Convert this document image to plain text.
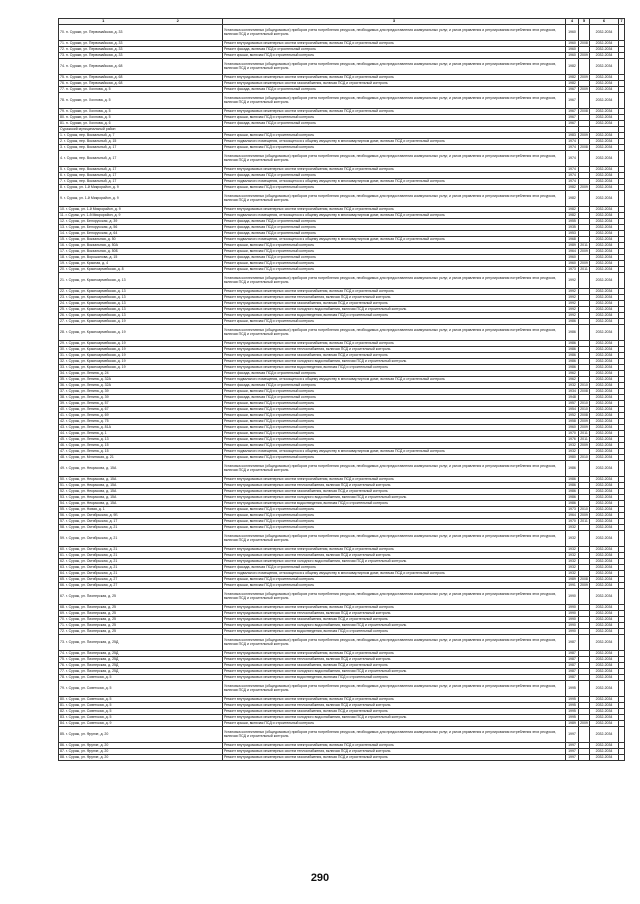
1 2	3	4	5	6	7
70. п. Сураки, ул. Первомайская, д. 33	Установка коллективных (общедомовых) приборов учета потребления ресурсов, необходимых для предоставления коммунальных услуг, и узлов управления и регулирования потребления этих ресурсов, включая ПСД и строительный контроль	1960		2032-2034	
71. п. Сураки, ул. Первомайская, д. 33	Ремонт внутридомовых инженерных систем электроснабжения, включая ПСД и строительный контроль	1960	2008	2032-2034	
72. п. Сураки, ул. Первомайская, д. 33	Ремонт фасада, включая ПСД и строительный контроль	1960		2032-2034	
73. п. Сураки, ул. Первомайская, д. 33	Ремонт крыши, включая ПСД и строительный контроль	1960	2009	2032-2034	
74. п. Сураки, ул. Первомайская, д. 68	Установка коллективных (общедомовых) приборов учета потребления ресурсов, необходимых для предоставления коммунальных услуг, и узлов управления и регулирования потребления этих ресурсов, включая ПСД и строительный контроль	1982		2032-2034	
75. п. Сураки, ул. Первомайская, д. 68	Ремонт внутридомовых инженерных систем электроснабжения, включая ПСД и строительный контроль	1982	2009	2032-2034	
76. п. Сураки, ул. Первомайская, д. 68	Ремонт внутридомовых инженерных систем газоснабжения, включая ПСД и строительный контроль	1982		2032-2034	
77. п. Сураки, ул. Хохлова, д. 5	Ремонт фасада, включая ПСД и строительный контроль	1967	2009	2032-2034	
78. п. Сураки, ул. Хохлова, д. 5	Установка коллективных (общедомовых) приборов учета потребления ресурсов, необходимых для предоставления коммунальных услуг, и узлов управления и регулирования потребления этих ресурсов, включая ПСД и строительный контроль	1967		2032-2034	
79. п. Сураки, ул. Хохлова, д. 5	Ремонт внутридомовых инженерных систем электроснабжения, включая ПСД и строительный контроль	1967	2008	2032-2034	
80. п. Сураки, ул. Хохлова, д. 5	Ремонт крыши, включая ПСД и строительный контроль	1967		2032-2034	
81. п. Сураки, ул. Хохлова, д. 6	Ремонт фасада, включая ПСД и строительный контроль	1967		2032-2034	
Суражский муниципальный район					
1. г. Сураж, пер. Вокзальный, д. 7	Ремонт крыши, включая ПСД и строительный контроль	1983	2009	2032-2034	
2. г. Сураж, пер. Вокзальный, д. 15	Ремонт подвального помещения, относящегося к общему имуществу в многоквартирном доме, включая ПСД и строительный контроль	1974		2032-2034	
3. г. Сураж, пер. Вокзальный, д. 17	Ремонт крыши, включая ПСД и строительный контроль	1974	2008	2032-2034	
4. г. Сураж, пер. Вокзальный, д. 17	Установка коллективных (общедомовых) приборов учета потребления ресурсов, необходимых для предоставления коммунальных услуг, и узлов управления и регулирования потребления этих ресурсов, включая ПСД и строительный контроль	1974		2032-2034	
5. г. Сураж, пер. Вокзальный, д. 17	Ремонт внутридомовых инженерных систем электроснабжения, включая ПСД и строительный контроль	1974		2032-2034	
6. г. Сураж, пер. Вокзальный, д. 17	Ремонт фасада, включая ПСД и строительный контроль	1974		2032-2034	
7. г. Сураж, пер. Вокзальный, д. 17	Ремонт подвального помещения, относящегося к общему имуществу в многоквартирном доме, включая ПСД и строительный контроль	1974		2032-2034	
8. г. Сураж, ул. 1-й Микрорайон, д. 9	Ремонт крыши, включая ПСД и строительный контроль	1982	2009	2032-2034	
9. г. Сураж, ул. 1-й Микрорайон, д. 9	Установка коллективных (общедомовых) приборов учета потребления ресурсов, необходимых для предоставления коммунальных услуг, и узлов управления и регулирования потребления этих ресурсов, включая ПСД и строительный контроль	1982		2032-2034	
10. г. Сураж, ул. 1-й Микрорайон, д. 9	Ремонт внутридомовых инженерных систем электроснабжения, включая ПСД и строительный контроль	1982		2032-2034	
11. г. Сураж, ул. 1-й Микрорайон, д. 9	Ремонт подвального помещения, относящегося к общему имуществу в многоквартирном доме, включая ПСД и строительный контроль	1982		2032-2034	
12. г. Сураж, ул. Белорусская, д. 39	Ремонт фасада, включая ПСД и строительный контроль	1955		2032-2034	
13. г. Сураж, ул. Белорусская, д. 56	Ремонт фасада, включая ПСД и строительный контроль	1935		2032-2034	
14. г. Сураж, ул. Белорусская, д. 64	Ремонт фасада, включая ПСД и строительный контроль	1953		2032-2034	
15. г. Сураж, ул. Вокзальная, д. 50	Ремонт подвального помещения, относящегося к общему имуществу в многоквартирном доме, включая ПСД и строительный контроль	1968		2032-2034	
16. г. Сураж, ул. Вокзальная, д. 50А	Ремонт крыши, включая ПСД и строительный контроль	1989	2011	2032-2034	
17. г. Сураж, ул. Вокзальная, д. 50Б	Ремонт крыши, включая ПСД и строительный контроль	1964	2009	2032-2034	
18. г. Сураж, ул. Ворошилова, д. 15	Ремонт фасада, включая ПСД и строительный контроль	1960		2032-2034	
19. г. Сураж, ул. Красная, д. 4	Ремонт крыши, включая ПСД и строительный контроль	1960	2009	2032-2034	
20. г. Сураж, ул. Красноармейская, д. 8	Ремонт крыши, включая ПСД и строительный контроль	1973	2011	2032-2034	
21. г. Сураж, ул. Красноармейская, д. 13	Установка коллективных (общедомовых) приборов учета потребления ресурсов, необходимых для предоставления коммунальных услуг, и узлов управления и регулирования потребления этих ресурсов, включая ПСД и строительный контроль	1992		2032-2034	
22. г. Сураж, ул. Красноармейская, д. 13	Ремонт внутридомовых инженерных систем электроснабжения, включая ПСД и строительный контроль	1992		2032-2034	
23. г. Сураж, ул. Красноармейская, д. 13	Ремонт внутридомовых инженерных систем теплоснабжения, включая ПСД и строительный контроль	1992		2032-2034	
24. г. Сураж, ул. Красноармейская, д. 13	Ремонт внутридомовых инженерных систем газоснабжения, включая ПСД и строительный контроль	1992		2032-2034	
25. г. Сураж, ул. Красноармейская, д. 13	Ремонт внутридомовых инженерных систем холодного водоснабжения, включая ПСД и строительный контроль	1992		2032-2034	
26. г. Сураж, ул. Красноармейская, д. 13	Ремонт внутридомовых инженерных систем водоотведения, включая ПСД и строительный контроль	1992		2032-2034	
27. г. Сураж, ул. Красноармейская, д. 19	Ремонт крыши, включая ПСД и строительный контроль	1986		2032-2034	
28. г. Сураж, ул. Красноармейская, д. 19	Установка коллективных (общедомовых) приборов учета потребления ресурсов, необходимых для предоставления коммунальных услуг, и узлов управления и регулирования потребления этих ресурсов, включая ПСД и строительный контроль	1986		2032-2034	
29. г. Сураж, ул. Красноармейская, д. 19	Ремонт внутридомовых инженерных систем электроснабжения, включая ПСД и строительный контроль	1986		2032-2034	
30. г. Сураж, ул. Красноармейская, д. 19	Ремонт внутридомовых инженерных систем теплоснабжения, включая ПСД и строительный контроль	1986		2032-2034	
31. г. Сураж, ул. Красноармейская, д. 19	Ремонт внутридомовых инженерных систем газоснабжения, включая ПСД и строительный контроль	1986		2032-2034	
32. г. Сураж, ул. Красноармейская, д. 19	Ремонт внутридомовых инженерных систем холодного водоснабжения, включая ПСД и строительный контроль	1986		2032-2034	
33. г. Сураж, ул. Красноармейская, д. 19	Ремонт внутридомовых инженерных систем водоотведения, включая ПСД и строительный контроль	1986		2032-2034	
34. г. Сураж, ул. Ленина, д. 24	Ремонт фасада, включая ПСД и строительный контроль	1962		2032-2034	
35. г. Сураж, ул. Ленина, д. 32А	Ремонт подвального помещения, относящегося к общему имуществу в многоквартирном доме, включая ПСД и строительный контроль	1962		2032-2034	
36. г. Сураж, ул. Ленина, д. 32А	Ремонт фасада, включая ПСД и строительный контроль	1932	2010	2032-2034	
37. г. Сураж, ул. Ленина, д. 39	Ремонт крыши, включая ПСД и строительный контроль	1934	2008	2032-2034	
38. г. Сураж, ул. Ленина, д. 39	Ремонт фасада, включая ПСД и строительный контроль	1948		2032-2034	
39. г. Сураж, ул. Ленина, д. 57	Ремонт крыши, включая ПСД и строительный контроль	1957	2010	2032-2034	
40. г. Сураж, ул. Ленина, д. 67	Ремонт крыши, включая ПСД и строительный контроль	1954	2010	2032-2034	
41. г. Сураж, ул. Ленина, д. 69	Ремонт крыши, включая ПСД и строительный контроль	1952	2008	2032-2034	
42. г. Сураж, ул. Ленина, д. 75	Ремонт крыши, включая ПСД и строительный контроль	1958	2009	2032-2034	
43. г. Сураж, ул. Ленина, д. 81А	Ремонт крыши, включая ПСД и строительный контроль	1960	2009	2032-2034	
44. г. Сураж, ул. Ленина, д. 1	Ремонт крыши, включая ПСД и строительный контроль	1970	2011	2032-2034	
45. г. Сураж, ул. Ленина, д. 13	Ремонт крыши, включая ПСД и строительный контроль	1976	2011	2032-2034	
46. г. Сураж, ул. Ленина, д. 15	Ремонт крыши, включая ПСД и строительный контроль	1932	2009	2032-2034	
47. г. Сураж, ул. Ленина, д. 15	Ремонт подвального помещения, относящегося к общему имуществу в многоквартирном доме, включая ПСД и строительный контроль	1932		2032-2034	
48. г. Сураж, ул. Мглинская, д. 21	Ремонт крыши, включая ПСД и строительный контроль	1980	2010	2032-2034	
49. г. Сураж, ул. Некрасова, д. 15А	Установка коллективных (общедомовых) приборов учета потребления ресурсов, необходимых для предоставления коммунальных услуг, и узлов управления и регулирования потребления этих ресурсов, включая ПСД и строительный контроль	1986		2032-2034	
50. г. Сураж, ул. Некрасова, д. 15А	Ремонт внутридомовых инженерных систем электроснабжения, включая ПСД и строительный контроль	1986		2032-2034	
51. г. Сураж, ул. Некрасова, д. 15А	Ремонт внутридомовых инженерных систем теплоснабжения, включая ПСД и строительный контроль	1986		2032-2034	
52. г. Сураж, ул. Некрасова, д. 15А	Ремонт внутридомовых инженерных систем газоснабжения, включая ПСД и строительный контроль	1986		2032-2034	
53. г. Сураж, ул. Некрасова, д. 15А	Ремонт внутридомовых инженерных систем холодного водоснабжения, включая ПСД и строительный контроль	1986		2032-2034	
54. г. Сураж, ул. Некрасова, д. 15А	Ремонт внутридомовых инженерных систем водоотведения, включая ПСД и строительный контроль	1986		2032-2034	
55. г. Сураж, ул. Новая, д. 1	Ремонт крыши, включая ПСД и строительный контроль	1973	2010	2032-2034	
56. г. Сураж, ул. Октябрьская, д. 9Б	Ремонт крыши, включая ПСД и строительный контроль	1964	2009	2032-2034	
57. г. Сураж, ул. Октябрьская, д. 17	Ремонт крыши, включая ПСД и строительный контроль	1970	2011	2032-2034	
58. г. Сураж, ул. Октябрьская, д. 21	Ремонт крыши, включая ПСД и строительный контроль	1932		2032-2034	
59. г. Сураж, ул. Октябрьская, д. 21	Установка коллективных (общедомовых) приборов учета потребления ресурсов, необходимых для предоставления коммунальных услуг, и узлов управления и регулирования потребления этих ресурсов, включая ПСД и строительный контроль	1932		2032-2034	
60. г. Сураж, ул. Октябрьская, д. 21	Ремонт внутридомовых инженерных систем электроснабжения, включая ПСД и строительный контроль	1932		2032-2034	
61. г. Сураж, ул. Октябрьская, д. 21	Ремонт внутридомовых инженерных систем теплоснабжения, включая ПСД и строительный контроль	1932		2032-2034	
62. г. Сураж, ул. Октябрьская, д. 21	Ремонт внутридомовых инженерных систем холодного водоснабжения, включая ПСД и строительный контроль	1932		2032-2034	
63. г. Сураж, ул. Октябрьская, д. 21	Ремонт фасада, включая ПСД и строительный контроль	1932		2032-2034	
64. г. Сураж, ул. Октябрьская, д. 21	Ремонт подвального помещения, относящегося к общему имуществу в многоквартирном доме, включая ПСД и строительный контроль	1932		2032-2034	
65. г. Сураж, ул. Октябрьская, д. 27	Ремонт крыши, включая ПСД и строительный контроль	1989	2008	2032-2034	
66. г. Сураж, ул. Октябрьская, д. 27	Ремонт крыши, включая ПСД и строительный контроль	1991	2009	2032-2034	
67. г. Сураж, ул. Пионерская, д. 25	Установка коллективных (общедомовых) приборов учета потребления ресурсов, необходимых для предоставления коммунальных услуг, и узлов управления и регулирования потребления этих ресурсов, включая ПСД и строительный контроль	1990		2032-2034	
68. г. Сураж, ул. Пионерская, д. 25	Ремонт внутридомовых инженерных систем электроснабжения, включая ПСД и строительный контроль	1990		2032-2034	
69. г. Сураж, ул. Пионерская, д. 25	Ремонт внутридомовых инженерных систем теплоснабжения, включая ПСД и строительный контроль	1990		2032-2034	
70. г. Сураж, ул. Пионерская, д. 25	Ремонт внутридомовых инженерных систем газоснабжения, включая ПСД и строительный контроль	1990		2032-2034	
71. г. Сураж, ул. Пионерская, д. 25	Ремонт внутридомовых инженерных систем холодного водоснабжения, включая ПСД и строительный контроль	1990		2032-2034	
72. г. Сураж, ул. Пионерская, д. 25	Ремонт внутридомовых инженерных систем водоотведения, включая ПСД и строительный контроль	1990		2032-2034	
73. г. Сураж, ул. Пионерская, д. 25Д	Установка коллективных (общедомовых) приборов учета потребления ресурсов, необходимых для предоставления коммунальных услуг, и узлов управления и регулирования потребления этих ресурсов, включая ПСД и строительный контроль	1987		2032-2034	
74. г. Сураж, ул. Пионерская, д. 25Д	Ремонт внутридомовых инженерных систем электроснабжения, включая ПСД и строительный контроль	1987		2032-2034	
75. г. Сураж, ул. Пионерская, д. 25Д	Ремонт внутридомовых инженерных систем теплоснабжения, включая ПСД и строительный контроль	1987		2032-2034	
76. г. Сураж, ул. Пионерская, д. 25Д	Ремонт внутридомовых инженерных систем газоснабжения, включая ПСД и строительный контроль	1987		2032-2034	
77. г. Сураж, ул. Пионерская, д. 25Д	Ремонт внутридомовых инженерных систем холодного водоснабжения, включая ПСД и строительный контроль	1987		2032-2034	
78. г. Сураж, ул. Советская, д. 5	Ремонт внутридомовых инженерных систем водоотведения, включая ПСД и строительный контроль	1987		2032-2034	
79. г. Сураж, ул. Советская, д. 5	Установка коллективных (общедомовых) приборов учета потребления ресурсов, необходимых для предоставления коммунальных услуг, и узлов управления и регулирования потребления этих ресурсов, включая ПСД и строительный контроль	1995		2032-2034	
80. г. Сураж, ул. Советская, д. 5	Ремонт внутридомовых инженерных систем электроснабжения, включая ПСД и строительный контроль	1995		2032-2034	
81. г. Сураж, ул. Советская, д. 5	Ремонт внутридомовых инженерных систем теплоснабжения, включая ПСД и строительный контроль	1995		2032-2034	
82. г. Сураж, ул. Советская, д. 5	Ремонт внутридомовых инженерных систем газоснабжения, включая ПСД и строительный контроль	1995		2032-2034	
83. г. Сураж, ул. Советская, д. 5	Ремонт внутридомовых инженерных систем холодного водоснабжения, включая ПСД и строительный контроль	1995		2032-2034	
84. г. Сураж, ул. Советская, д. 9	Ремонт крыши, включая ПСД и строительный контроль	1989	2009	2032-2034	
85. г. Сураж, ул. Фрунзе, д. 20	Установка коллективных (общедомовых) приборов учета потребления ресурсов, необходимых для предоставления коммунальных услуг, и узлов управления и регулирования потребления этих ресурсов, включая ПСД и строительный контроль	1997		2032-2034	
86. г. Сураж, ул. Фрунзе, д. 20	Ремонт внутридомовых инженерных систем электроснабжения, включая ПСД и строительный контроль	1997		2032-2034	
87. г. Сураж, ул. Фрунзе, д. 20	Ремонт внутридомовых инженерных систем теплоснабжения, включая ПСД и строительный контроль	1997		2032-2034	
88. г. Сураж, ул. Фрунзе, д. 20	Ремонт внутридомовых инженерных систем газоснабжения, включая ПСД и строительный контроль	1997		2032-2034	
290
